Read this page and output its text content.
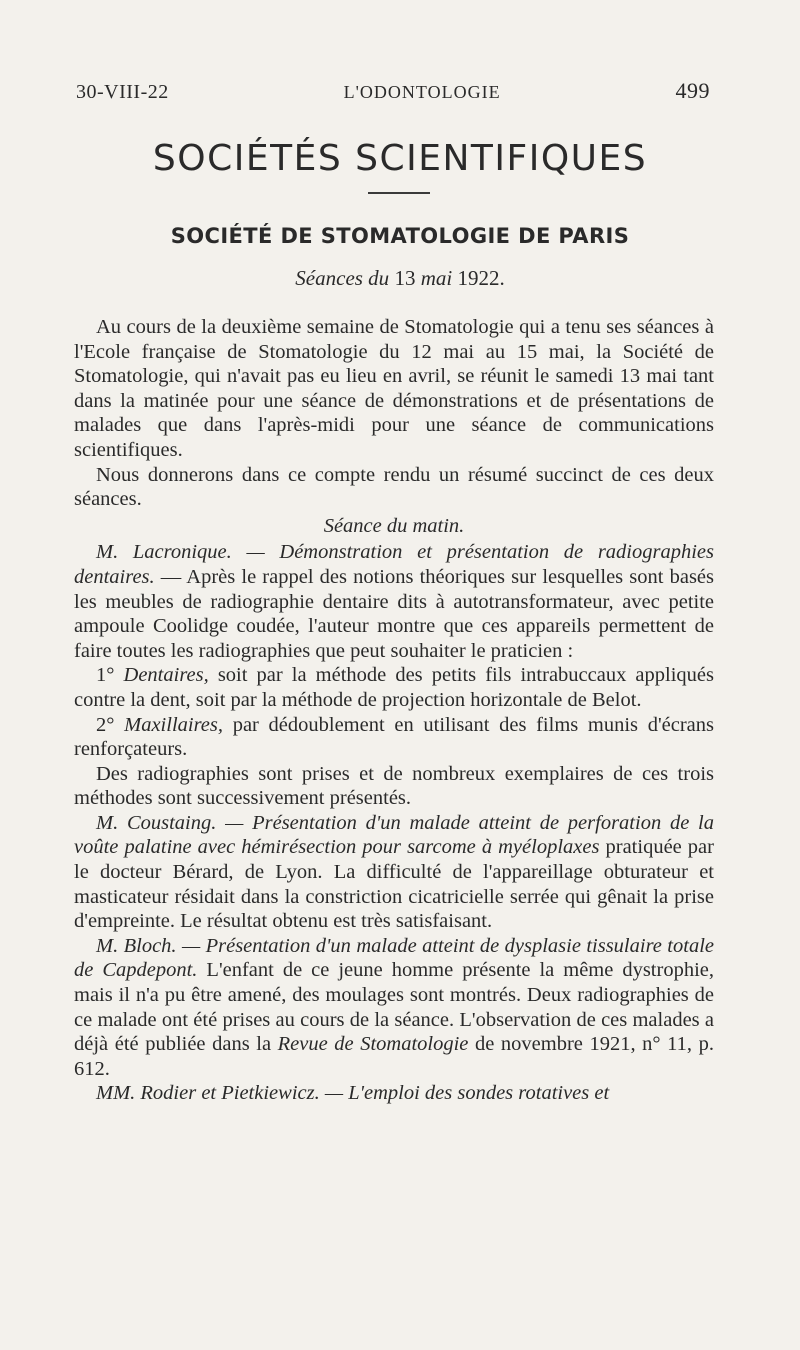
30-VIII-22	L'ODONTOLOGIE	499
SOCIÉTÉS SCIENTIFIQUES
SOCIÉTÉ DE STOMATOLOGIE DE PARIS

Séances du 13 mai 1922.

Au cours de la deuxième semaine de Stomatologie qui a tenu ses séances à l'Ecole française de Stomatologie du 12 mai au 15 mai, la Société de Stomatologie, qui n'avait pas eu lieu en avril, se réunit le samedi 13 mai tant dans la matinée pour une séance de démonstrations et de présentations de malades que dans l'après-midi pour une séance de communications scientifiques.

Nous donnerons dans ce compte rendu un résumé succinct de ces deux séances.

Séance du matin.

M. Lacronique. — Démonstration et présentation de radiographies dentaires. — Après le rappel des notions théoriques sur lesquelles sont basés les meubles de radiographie dentaire dits à autotransformateur, avec petite ampoule Coolidge coudée, l'auteur montre que ces appareils permettent de faire toutes les radiographies que peut souhaiter le praticien :

1° Dentaires, soit par la méthode des petits fils intrabuccaux appliqués contre la dent, soit par la méthode de projection horizontale de Belot.

2° Maxillaires, par dédoublement en utilisant des films munis d'écrans renforçateurs.

Des radiographies sont prises et de nombreux exemplaires de ces trois méthodes sont successivement présentés.

M. Coustaing. — Présentation d'un malade atteint de perforation de la voûte palatine avec hémirésection pour sarcome à myéloplaxes pratiquée par le docteur Bérard, de Lyon. La difficulté de l'appareillage obturateur et masticateur résidait dans la constriction cicatricielle serrée qui gênait la prise d'empreinte. Le résultat obtenu est très satisfaisant.

M. Bloch. — Présentation d'un malade atteint de dysplasie tissulaire totale de Capdepont. L'enfant de ce jeune homme présente la même dystrophie, mais il n'a pu être amené, des moulages sont montrés. Deux radiographies de ce malade ont été prises au cours de la séance. L'observation de ces malades a déjà été publiée dans la Revue de Stomatologie de novembre 1921, n° 11, p. 612.

MM. Rodier et Pietkiewicz. — L'emploi des sondes rotatives et
